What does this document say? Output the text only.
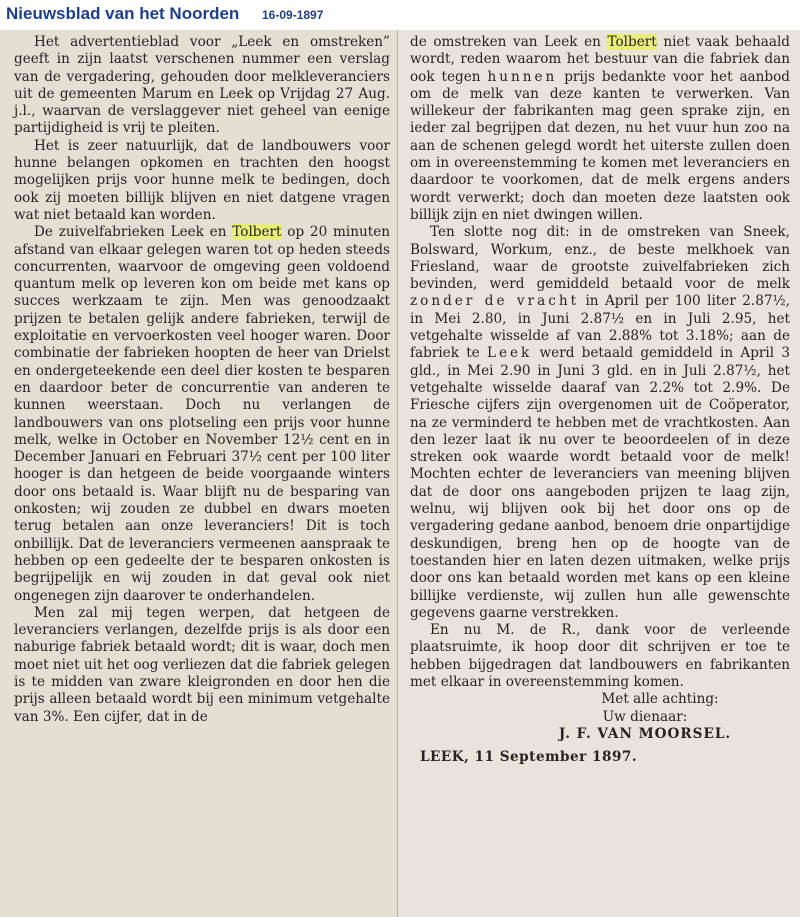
Nieuwsblad van het Noorden 16-09-1897

Het advertentieblad voor „Leek en omstreken” geeft in zijn laatst verschenen nummer een verslag van de vergadering, gehouden door melkleveranciers uit de gemeenten Marum en Leek op Vrijdag 27 Aug. j.l., waarvan de verslaggever niet geheel van eenige partijdigheid is vrij te pleiten.

Het is zeer natuurlijk, dat de landbouwers voor hunne belangen opkomen en trachten den hoogst mogelijken prijs voor hunne melk te bedingen, doch ook zij moeten billijk blijven en niet datgene vragen wat niet betaald kan worden.

De zuivelfabrieken Leek en Tolbert op 20 minuten afstand van elkaar gelegen waren tot op heden steeds concurrenten, waarvoor de omgeving geen voldoend quantum melk op leveren kon om beide met kans op succes werkzaam te zijn. Men was genoodzaakt prijzen te betalen gelijk andere fabrieken, terwijl de exploitatie en vervoerkosten veel hooger waren. Door combinatie der fabrieken hoopten de heer van Drielst en ondergeteekende een deel dier kosten te besparen en daardoor beter de concurrentie van anderen te kunnen weerstaan. Doch nu verlangen de landbouwers van ons plotseling een prijs voor hunne melk, welke in October en November 12½ cent en in December Januari en Februari 37½ cent per 100 liter hooger is dan hetgeen de beide voorgaande winters door ons betaald is. Waar blijft nu de besparing van onkosten; wij zouden ze dubbel en dwars moeten terug betalen aan onze leveranciers! Dit is toch onbillijk. Dat de leveranciers vermeenen aanspraak te hebben op een gedeelte der te besparen onkosten is begrijpelijk en wij zouden in dat geval ook niet ongenegen zijn daarover te onderhandelen.

Men zal mij tegen werpen, dat hetgeen de leveranciers verlangen, dezelfde prijs is als door een naburige fabriek betaald wordt; dit is waar, doch men moet niet uit het oog verliezen dat die fabriek gelegen is te midden van zware kleigronden en door hen die prijs alleen betaald wordt bij een minimum vetgehalte van 3%. Een cijfer, dat in de

de omstreken van Leek en Tolbert niet vaak behaald wordt, reden waarom het bestuur van die fabriek dan ook tegen hunnen prijs bedankte voor het aanbod om de melk van deze kanten te verwerken. Van willekeur der fabrikanten mag geen sprake zijn, en ieder zal begrijpen dat dezen, nu het vuur hun zoo na aan de schenen gelegd wordt het uiterste zullen doen om in overeenstemming te komen met leveranciers en daardoor te voorkomen, dat de melk ergens anders wordt verwerkt; doch dan moeten deze laatsten ook billijk zijn en niet dwingen willen.

Ten slotte nog dit: in de omstreken van Sneek, Bolsward, Workum, enz., de beste melkhoek van Friesland, waar de grootste zuivelfabrieken zich bevinden, werd gemiddeld betaald voor de melk zonder de vracht in April per 100 liter 2.87½, in Mei 2.80, in Juni 2.87½ en in Juli 2.95, het vetgehalte wisselde af van 2.88% tot 3.18%; aan de fabriek te Leek werd betaald gemiddeld in April 3 gld., in Mei 2.90 in Juni 3 gld. en in Juli 2.87½, het vetgehalte wisselde daaraf van 2.2% tot 2.9%. De Friesche cijfers zijn overgenomen uit de Coöperator, na ze verminderd te hebben met de vrachtkosten. Aan den lezer laat ik nu over te beoordeelen of in deze streken ook waarde wordt betaald voor de melk! Mochten echter de leveranciers van meening blijven dat de door ons aangeboden prijzen te laag zijn, welnu, wij blijven ook bij het door ons op de vergadering gedane aanbod, benoem drie onpartijdige deskundigen, breng hen op de hoogte van de toestanden hier en laten dezen uitmaken, welke prijs door ons kan betaald worden met kans op een kleine billijke verdienste, wij zullen hun alle gewenschte gegevens gaarne verstrekken.

En nu M. de R., dank voor de verleende plaatsruimte, ik hoop door dit schrijven er toe te hebben bijgedragen dat landbouwers en fabrikanten met elkaar in overeenstemming komen.

Met alle achting:

Uw dienaar:

J. F. VAN MOORSEL.

LEEK, 11 September 1897.
